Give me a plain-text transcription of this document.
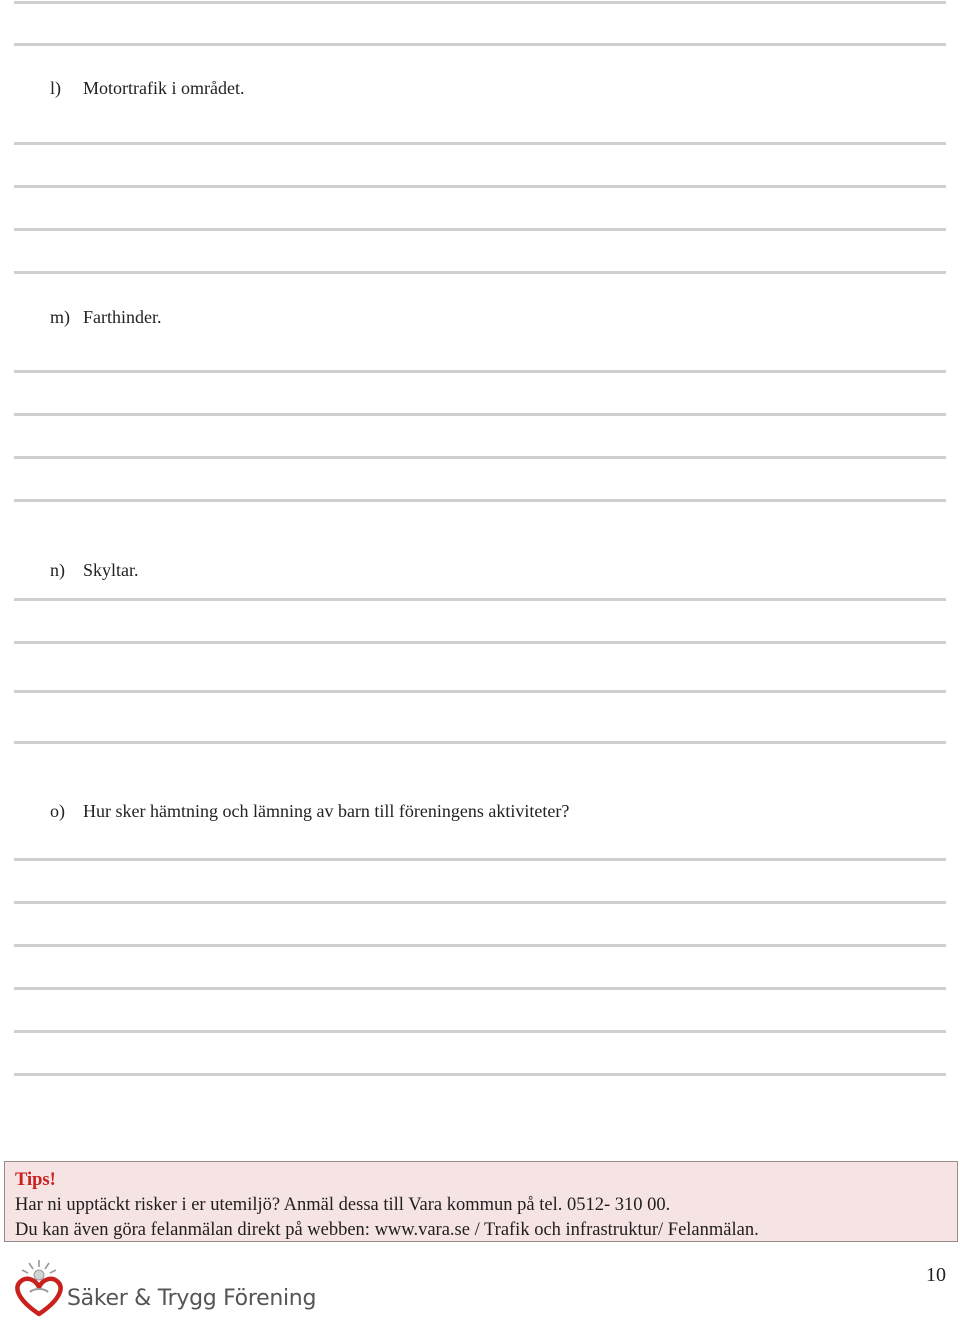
l) Motortrafik i området.
m) Farthinder.
n) Skyltar.
o) Hur sker hämtning och lämning av barn till föreningens aktiviteter?
Tips!
Har ni upptäckt risker i er utemiljö? Anmäl dessa till Vara kommun på tel. 0512- 310 00.
Du kan även göra felanmälan direkt på webben: www.vara.se / Trafik och infrastruktur/ Felanmälan.
Säker & Trygg Förening
10
